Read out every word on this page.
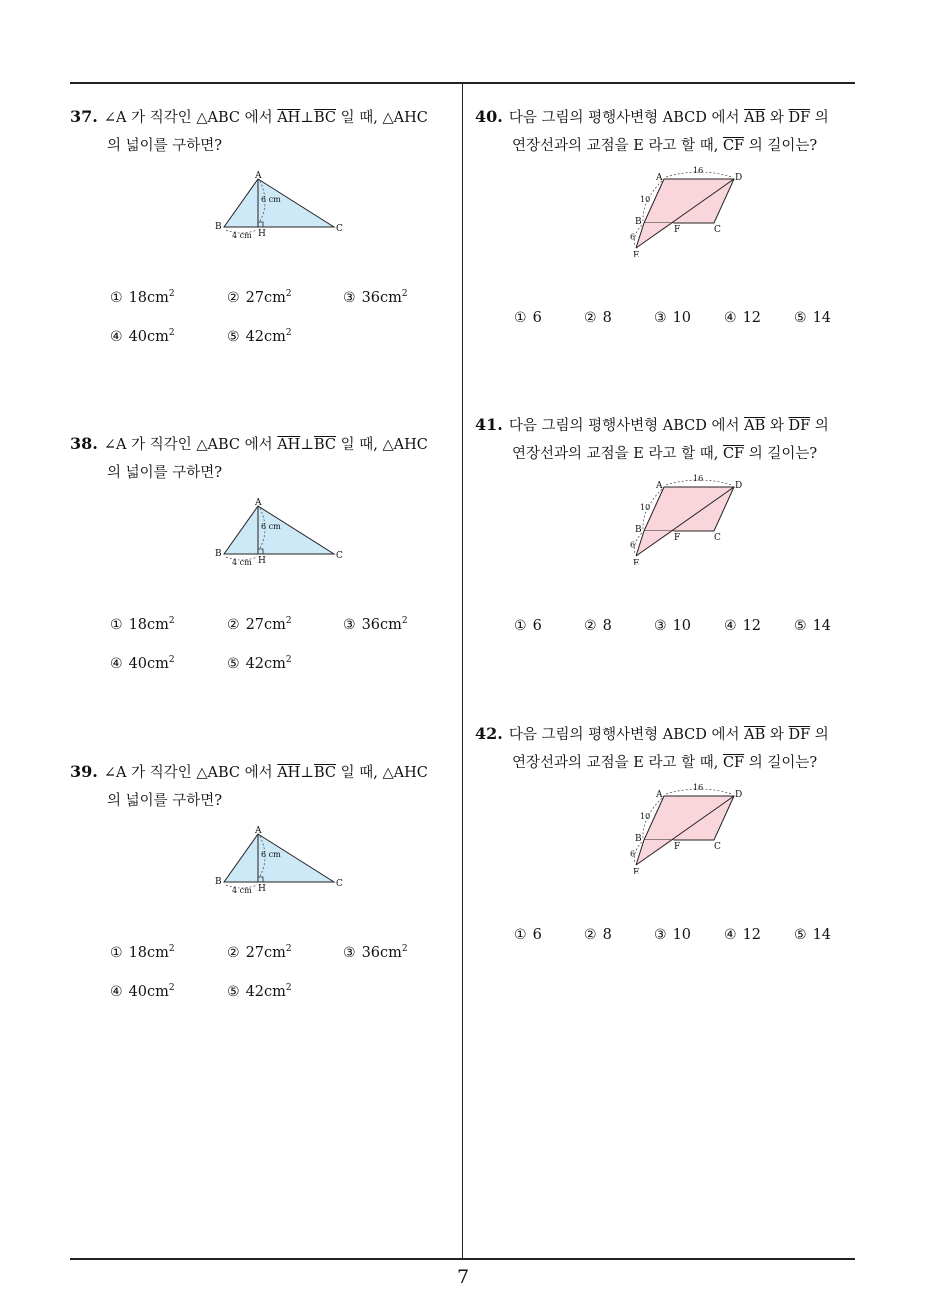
7
37. ∠A 가 직각인 △ABC 에서 $\overline{AH}\perp\overline{BC}$ 일 때, △AHC
의 넓이를 구하면?
A
B	C
H
6 cm
4 cm
① $18cm^2$	② $27cm^2$	③ $36cm^2$
④ $40cm^2$	⑤ $42cm^2$
38. ∠A 가 직각인 △ABC 에서 $\overline{AH}\perp\overline{BC}$ 일 때, △AHC
의 넓이를 구하면?
A
B	C
H
6 cm
4 cm
① $18cm^2$	② $27cm^2$	③ $36cm^2$
④ $40cm^2$	⑤ $42cm^2$
39. ∠A 가 직각인 △ABC 에서 $\overline{AH}\perp\overline{BC}$ 일 때, △AHC
의 넓이를 구하면?
A
B	C
H
6 cm
4 cm
① $18cm^2$	② $27cm^2$	③ $36cm^2$
④ $40cm^2$	⑤ $42cm^2$
40. 다음 그림의 평행사변형 ABCD 에서 $\overline{AB}$ 와 $\overline{DF}$ 의
연장선과의 교점을 E 라고 할 때, $\overline{CF}$ 의 길이는?
A	D
B
C
F
E
16
10
6
① 6	② 8	③ 10 ④ 12 ⑤ 14
41. 다음 그림의 평행사변형 ABCD 에서 $\overline{AB}$ 와 $\overline{DF}$ 의
연장선과의 교점을 E 라고 할 때, $\overline{CF}$ 의 길이는?
A	D
B
C
F
E
16
10
6
① 6	② 8	③ 10 ④ 12 ⑤ 14
42. 다음 그림의 평행사변형 ABCD 에서 $\overline{AB}$ 와 $\overline{DF}$ 의
연장선과의 교점을 E 라고 할 때, $\overline{CF}$ 의 길이는?
A	D
B
C
F
E
16
10
6
① 6	② 8	③ 10 ④ 12 ⑤ 14
